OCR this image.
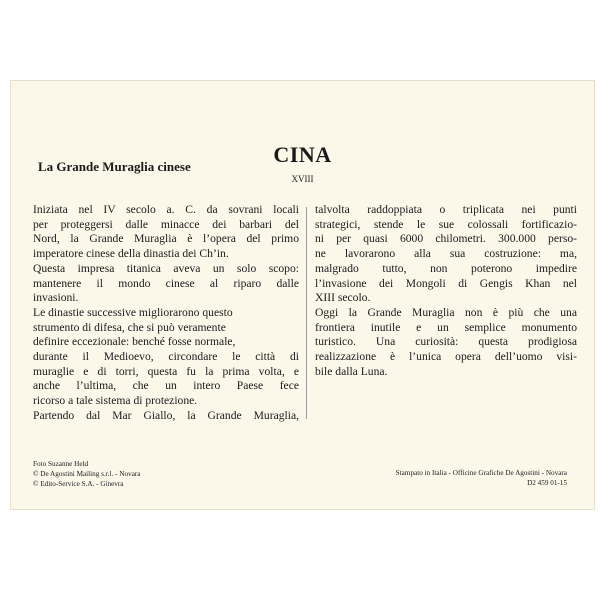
CINA
XVIII
La Grande Muraglia cinese
Iniziata nel IV secolo a. C. da sovrani locali
per proteggersi dalle minacce dei barbari del
Nord, la Grande Muraglia è l’opera del primo
imperatore cinese della dinastia dei Ch’in.
Questa impresa titanica aveva un solo scopo:
mantenere il mondo cinese al riparo dalle
invasioni.
Le dinastie successive migliorarono questo
strumento di difesa, che si può veramente
definire eccezionale: benché fosse normale,
durante il Medioevo, circondare le città di
muraglie e di torri, questa fu la prima volta, e
anche l’ultima, che un intero Paese fece
ricorso a tale sistema di protezione.
Partendo dal Mar Giallo, la Grande Muraglia,
talvolta raddoppiata o triplicata nei punti
strategici, stende le sue colossali fortificazio-
ni per quasi 6000 chilometri. 300.000 perso-
ne lavorarono alla sua costruzione: ma,
malgrado tutto, non poterono impedire
l’invasione dei Mongoli di Gengis Khan nel
XIII secolo.
Oggi la Grande Muraglia non è più che una
frontiera inutile e un semplice monumento
turistico. Una curiosità: questa prodigiosa
realizzazione è l’unica opera dell’uomo visi-
bile dalla Luna.
Foto Suzanne Held
© De Agostini Mailing s.r.l. - Novara
© Edito-Service S.A. - Ginevra
Stampato in Italia - Officine Grafiche De Agostini - Novara
D2 459 01-15
